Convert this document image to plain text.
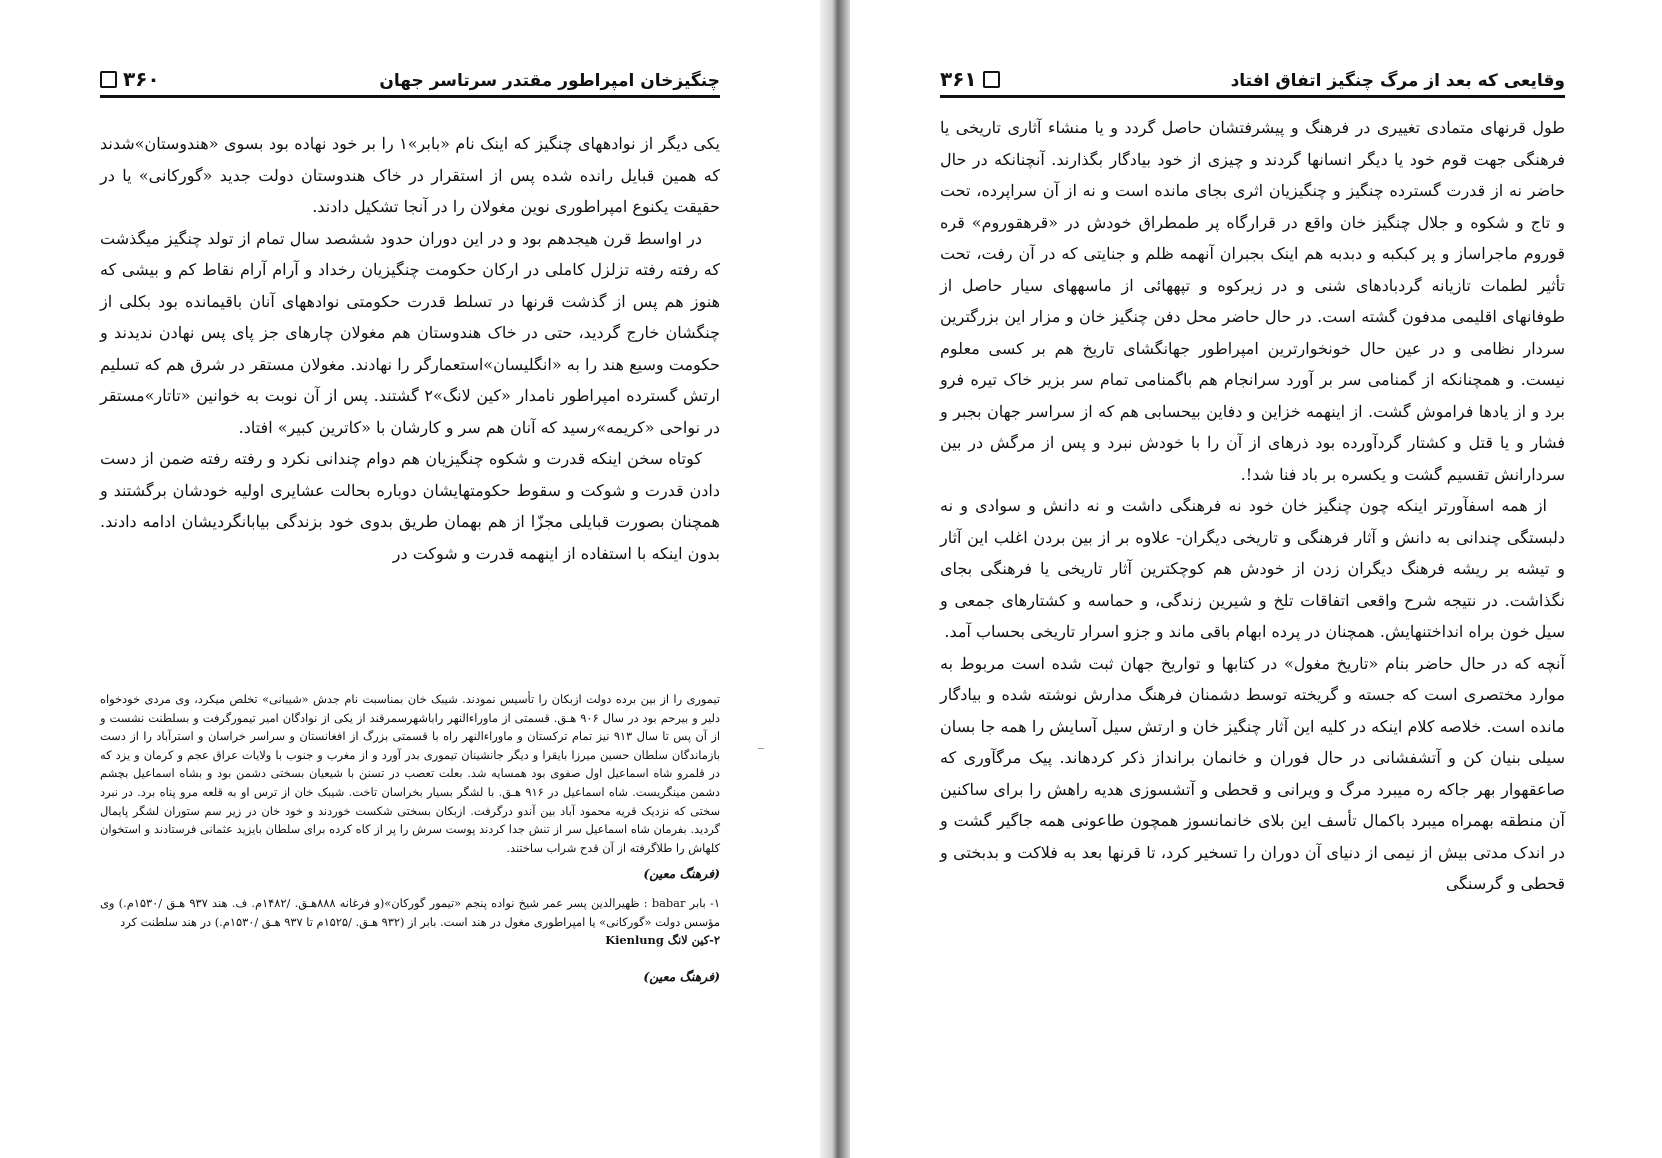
چنگیزخان امپراطور مقتدر سرتاسر جهان
۳۶۰

یکی دیگر از نوادههای چنگیز که اینک نام «بابر»۱ را بر خود نهاده بود بسوی «هندوستان»شدند که همین قبایل رانده شده پس از استقرار در خاک هندوستان دولت جدید «گورکانی» یا در حقیقت یکنوع امپراطوری نوین مغولان را در آنجا تشکیل دادند.

در اواسط قرن هیجدهم بود و در این دوران حدود ششصد سال تمام از تولد چنگیز میگذشت که رفته رفته تزلزل کاملی در ارکان حکومت چنگیزیان رخداد و آرام آرام نقاط کم و بیشی که هنوز هم پس از گذشت قرنها در تسلط قدرت حکومتی نوادههای آنان باقیمانده بود بکلی از چنگشان خارج گردید، حتی در خاک هندوستان هم مغولان چارهای جز پای پس نهادن ندیدند و حکومت وسیع هند را به «انگلیسان»استعمارگر را نهادند. مغولان مستقر در شرق هم که تسلیم ارتش گسترده امپراطور نامدار «کین لانگ»۲ گشتند. پس از آن نوبت به خوانین «تاتار»مستقر در نواحی «کریمه»رسید که آنان هم سر و کارشان با «کاترین کبیر» افتاد.

کوتاه سخن اینکه قدرت و شکوه چنگیزیان هم دوام چندانی نکرد و رفته رفته ضمن از دست دادن قدرت و شوکت و سقوط حکومتهایشان دوباره بحالت عشایری اولیه خودشان برگشتند و همچنان بصورت قبایلی مجزّا از هم بهمان طریق بدوی خود بزندگی بیابانگردیشان ادامه دادند. بدون اینکه با استفاده از اینهمه قدرت و شوکت در

تیموری را از بین برده دولت ازبکان را تأسیس نمودند. شیبک خان بمناسبت نام جدش «شیبانی» تخلص میکرد، وی مردی خودخواه دلیر و بیرحم بود در سال ۹۰۶ هـق. قسمتی از ماوراءالنهر راباشهرسمرقند از یکی از نوادگان امیر تیمورگرفت و بسلطنت نشست و از آن پس تا سال ۹۱۳ نیز تمام ترکستان و ماوراءالنهر راه با قسمتی بزرگ از افغانستان و سراسر خراسان و استرآباد را از دست بازماندگان سلطان حسین میرزا بایقرا و دیگر جانشینان تیموری بدر آورد و از مغرب و جنوب با ولایات عراق عجم و کرمان و یزد که در قلمرو شاه اسماعیل اول صفوی بود همسایه شد. بعلت تعصب در تسنن با شیعیان بسختی دشمن بود و بشاه اسماعیل بچشم دشمن مینگریست. شاه اسماعیل در ۹۱۶ هـق. با لشگر بسیار بخراسان تاخت. شیبک خان از ترس او به قلعه مرو پناه برد. در نبرد سختی که نزدیک قریه محمود آباد بین آندو درگرفت. ازبکان بسختی شکست خوردند و خود خان در زیر سم ستوران لشگر پایمال گردید. بفرمان شاه اسماعیل سر از تنش جدا کردند پوست سرش را پر از کاه کرده برای سلطان بایزید عثمانی فرستادند و استخوان کلهاش را طلاگرفته از آن قدح شراب ساختند.

(فرهنگ معین)

۱- بابر babar : ظهیرالدین پسر عمر شیخ نواده پنجم «تیمور گورکان»(و فرغانه ۸۸۸هـق. /۱۴۸۲م. ف. هند ۹۳۷ هـق /۱۵۳۰م.) وی مؤسس دولت «گورکانی» یا امپراطوری مغول در هند است. بابر از (۹۳۲ هـق. /۱۵۲۵م تا ۹۳۷ هـق /۱۵۳۰م.) در هند سلطنت کرد

۲-کین لانگ Kienlung

(فرهنگ معین)

وقایعی که بعد از مرگ چنگیز اتفاق افتاد
۳۶۱

طول قرنهای متمادی تغییری در فرهنگ و پیشرفتشان حاصل گردد و یا منشاء آثاری تاریخی یا فرهنگی جهت قوم خود یا دیگر انسانها گردند و چیزی از خود بیادگار بگذارند. آنچنانکه در حال حاضر نه از قدرت گسترده چنگیز و چنگیزیان اثری بجای مانده است و نه از آن سراپرده، تحت و تاج و شکوه و جلال چنگیز خان واقع در قرارگاه پر طمطراق خودش در «قرهقوروم» قره قوروم ماجراساز و پر کبکبه و دبدبه هم اینک بجبران آنهمه ظلم و جنایتی که در آن رفت، تحت تأثیر لطمات تازیانه گردبادهای شنی و در زیرکوه و تپههائی از ماسههای سیار حاصل از طوفانهای اقلیمی مدفون گشته است. در حال حاضر محل دفن چنگیز خان و مزار این بزرگترین سردار نظامی و در عین حال خونخوارترین امپراطور جهانگشای تاریخ هم بر کسی معلوم نیست. و همچنانکه از گمنامی سر بر آورد سرانجام هم باگمنامی تمام سر بزیر خاک تیره فرو برد و از یادها فراموش گشت. از اینهمه خزاین و دفاین بیحسابی هم که از سراسر جهان بجبر و فشار و یا قتل و کشتار گردآورده بود ذرهای از آن را با خودش نبرد و پس از مرگش در بین سردارانش تقسیم گشت و یکسره بر باد فنا شد!.

از همه اسفآورتر اینکه چون چنگیز خان خود نه فرهنگی داشت و نه دانش و سوادی و نه دلبستگی چندانی به دانش و آثار فرهنگی و تاریخی دیگران- علاوه بر از بین بردن اغلب این آثار و تیشه بر ریشه فرهنگ دیگران زدن از خودش هم کوچکترین آثار تاریخی یا فرهنگی بجای نگذاشت. در نتیجه شرح واقعی اتفاقات تلخ و شیرین زندگی، و حماسه و کشتارهای جمعی و سیل خون براه انداختنهایش. همچنان در پرده ابهام باقی ماند و جزو اسرار تاریخی بحساب آمد.

آنچه که در حال حاضر بنام «تاریخ مغول» در کتابها و تواریخ جهان ثبت شده است مربوط به موارد مختصری است که جسته و گریخته توسط دشمنان فرهنگ مدارش نوشته شده و بیادگار مانده است. خلاصه کلام اینکه در کلیه این آثار چنگیز خان و ارتش سیل آسایش را همه جا بسان سیلی بنیان کن و آتشفشانی در حال فوران و خانمان برانداز ذکر کردهاند. پیک مرگآوری که صاعقهوار بهر جاکه ره میبرد مرگ و ویرانی و قحطی و آتشسوزی هدیه راهش را برای ساکنین آن منطقه بهمراه میبرد باکمال تأسف این بلای خانمانسوز همچون طاعونی همه جاگیر گشت و در اندک مدتی بیش از نیمی از دنیای آن دوران را تسخیر کرد، تا قرنها بعد به فلاکت و بدبختی و قحطی و گرسنگی
